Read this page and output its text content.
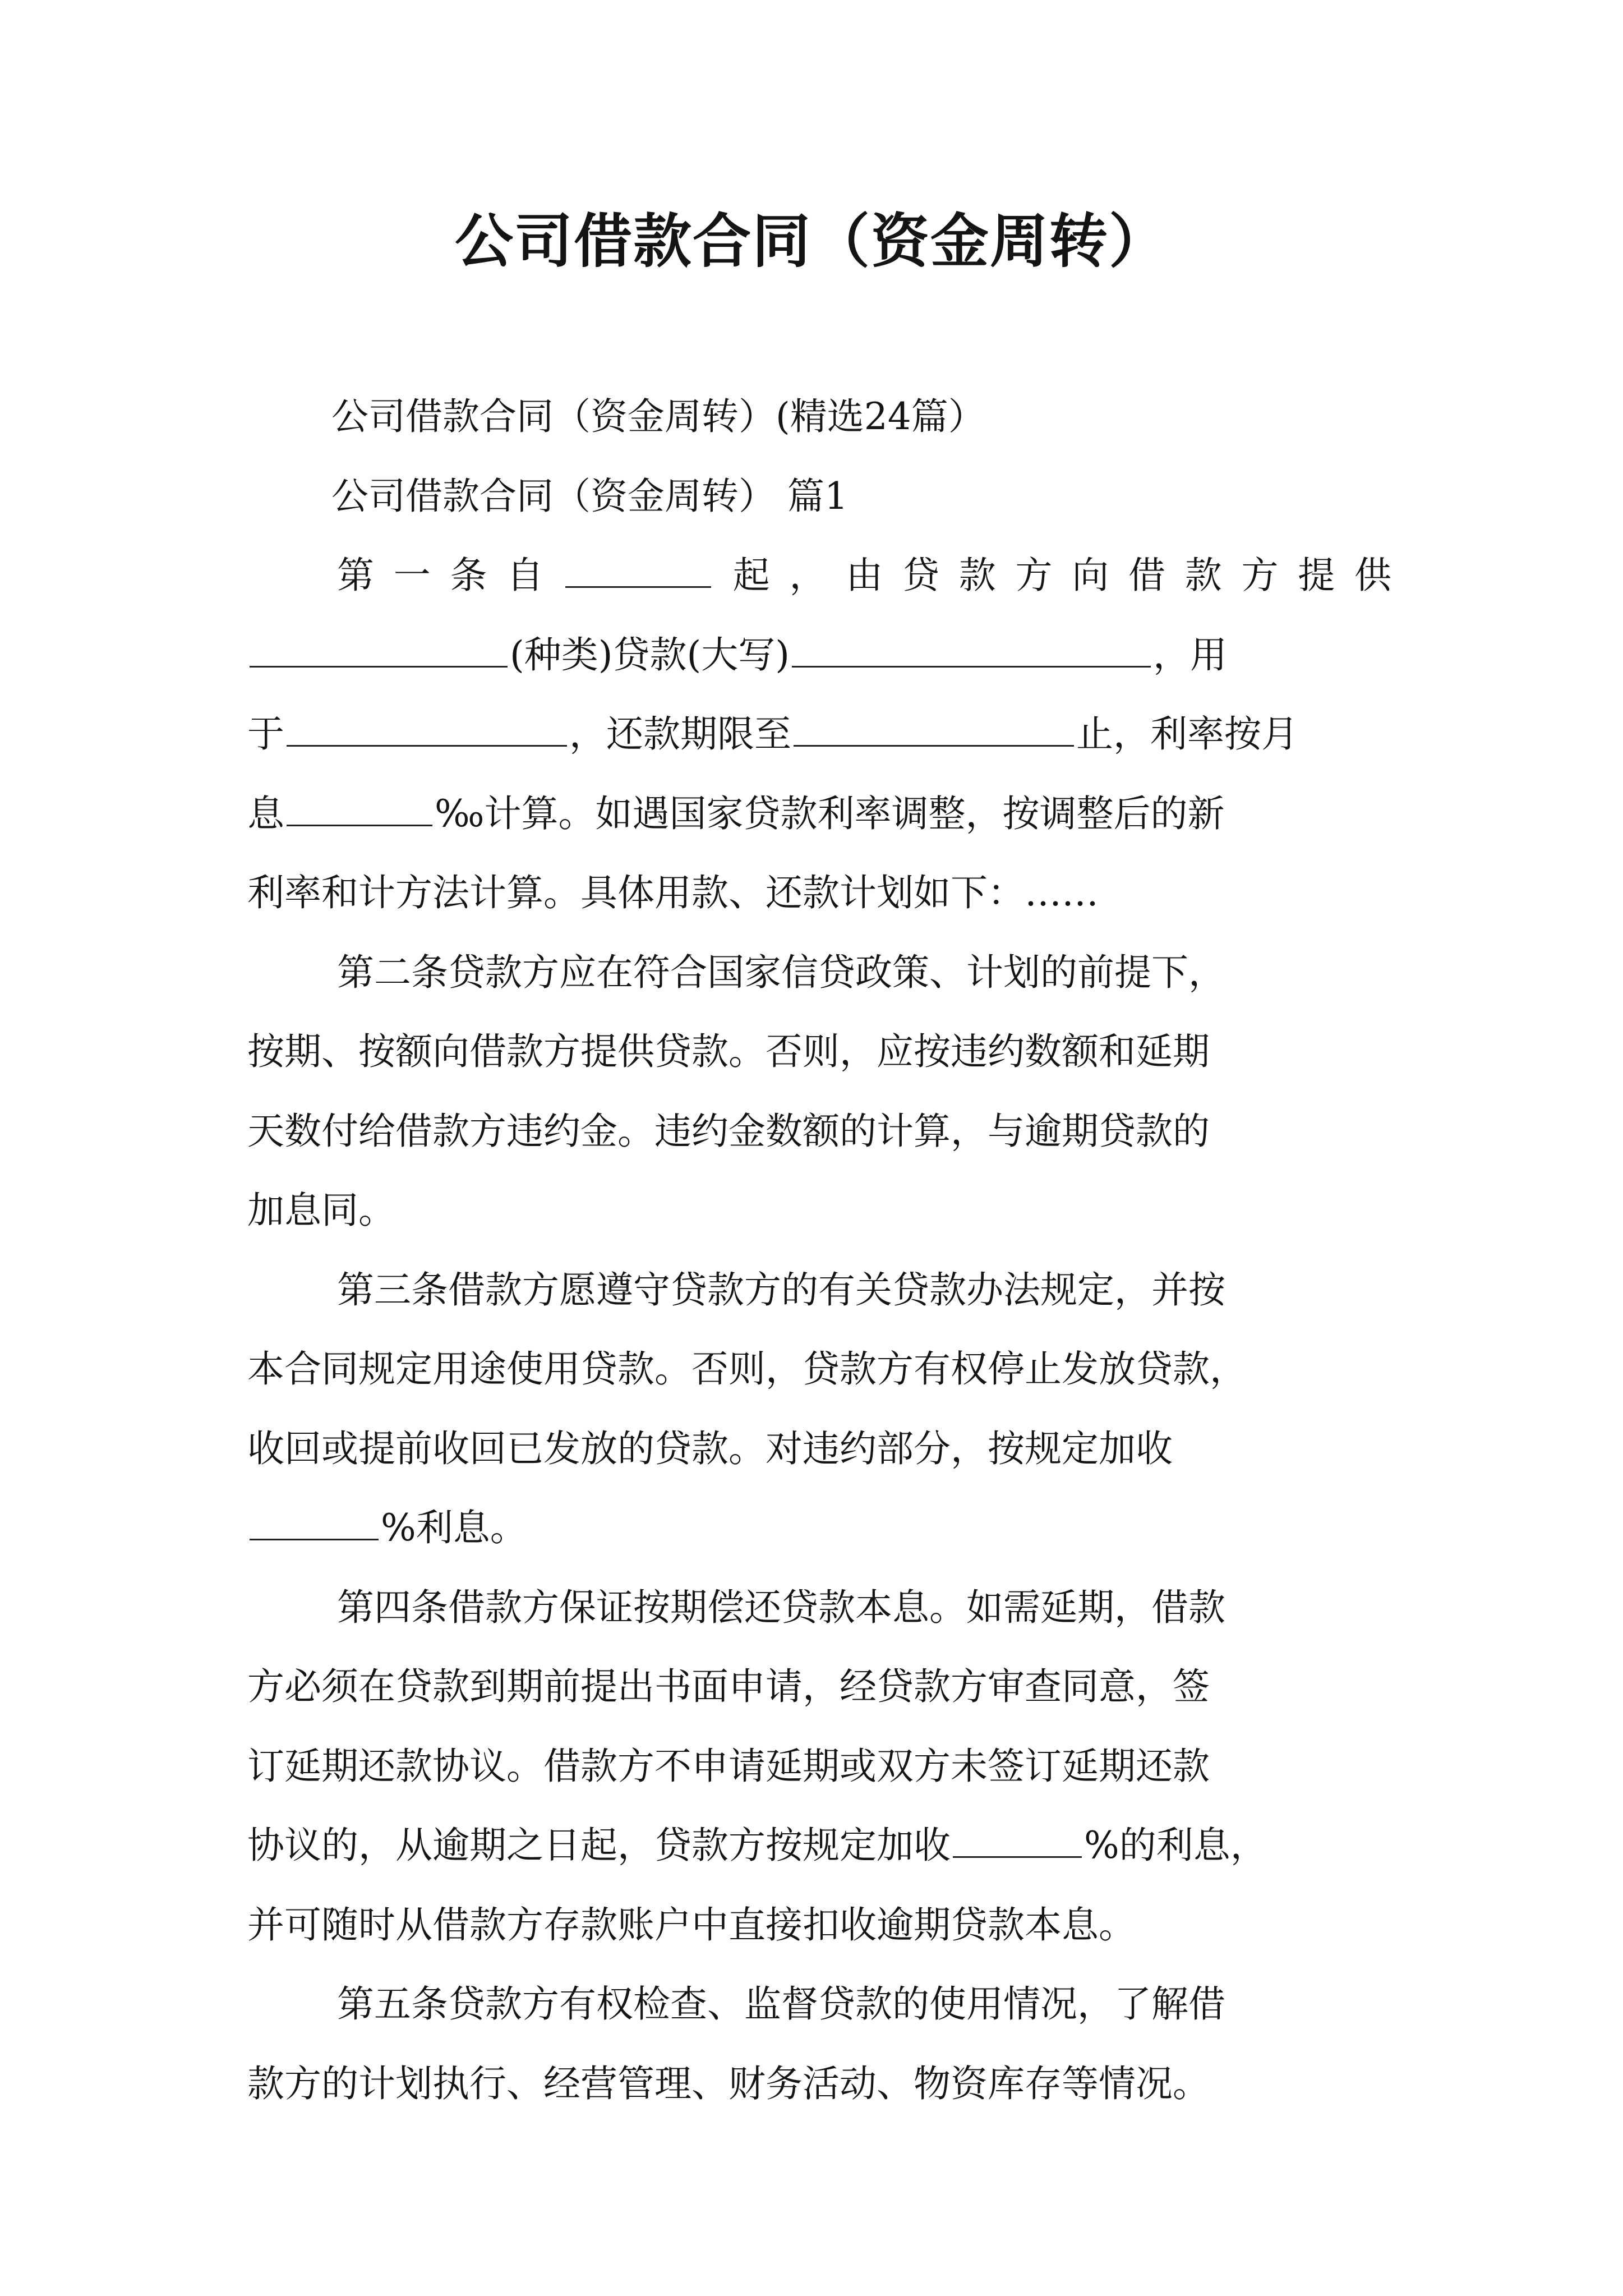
公司借款合同（资金周转）
公司借款合同（资金周转）(精选24篇）
公司借款合同（资金周转） 篇1
第一条自	起，由贷款方向借款方提供
(种类)贷款(大写)	，用
于	，还款期限至	止，利率按月
息	‰计算。如遇国家贷款利率调整，按调整后的新
利率和计方法计算。具体用款、还款计划如下：……
第二条贷款方应在符合国家信贷政策、计划的前提下，
按期、按额向借款方提供贷款。否则，应按违约数额和延期
天数付给借款方违约金。违约金数额的计算，与逾期贷款的
加息同。
第三条借款方愿遵守贷款方的有关贷款办法规定，并按
本合同规定用途使用贷款。否则，贷款方有权停止发放贷款，
收回或提前收回已发放的贷款。对违约部分，按规定加收
%利息。
第四条借款方保证按期偿还贷款本息。如需延期，借款
方必须在贷款到期前提出书面申请，经贷款方审查同意，签
订延期还款协议。借款方不申请延期或双方未签订延期还款
协议的，从逾期之日起，贷款方按规定加收	%的利息，
并可随时从借款方存款账户中直接扣收逾期贷款本息。
第五条贷款方有权检查、监督贷款的使用情况，了解借
款方的计划执行、经营管理、财务活动、物资库存等情况。
